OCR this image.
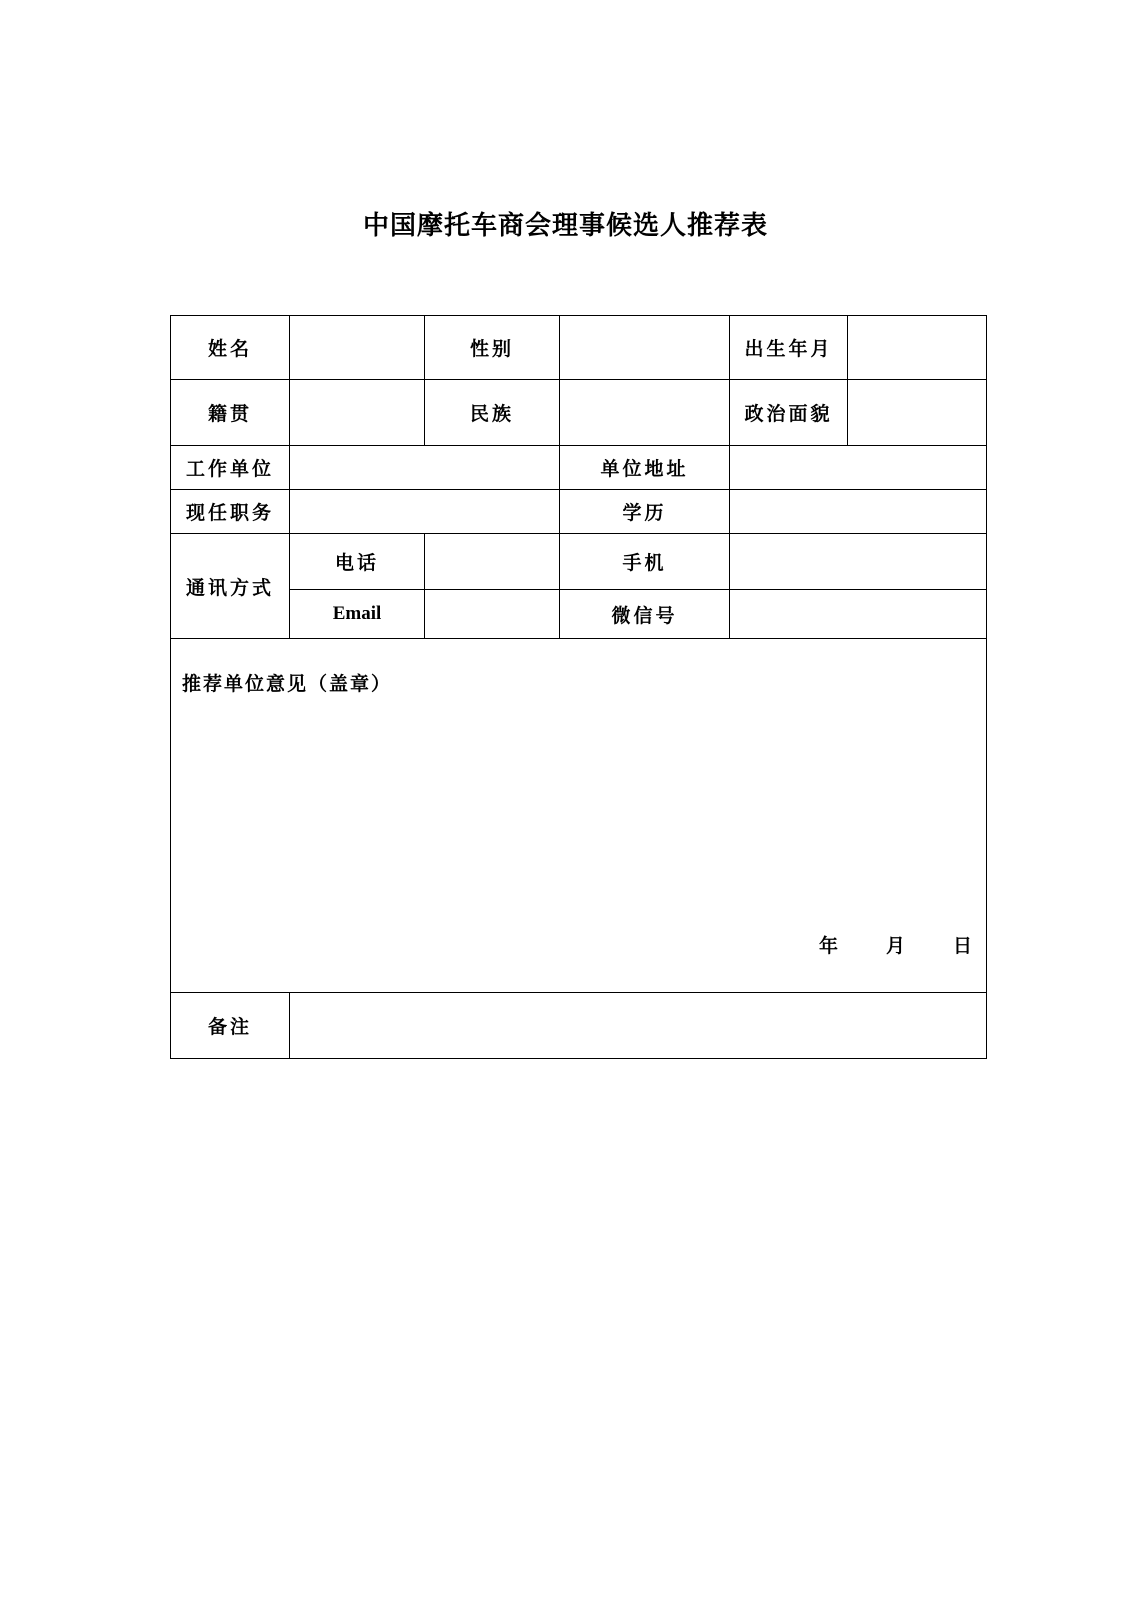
中国摩托车商会理事候选人推荐表
姓名		性别		出生年月	
籍贯		民族		政治面貌	
工作单位			单位地址		
现任职务			学历		
通讯方式	电话		手机		
	Email		微信号		

推荐单位意见（盖章）
年 月 日					

备注					
